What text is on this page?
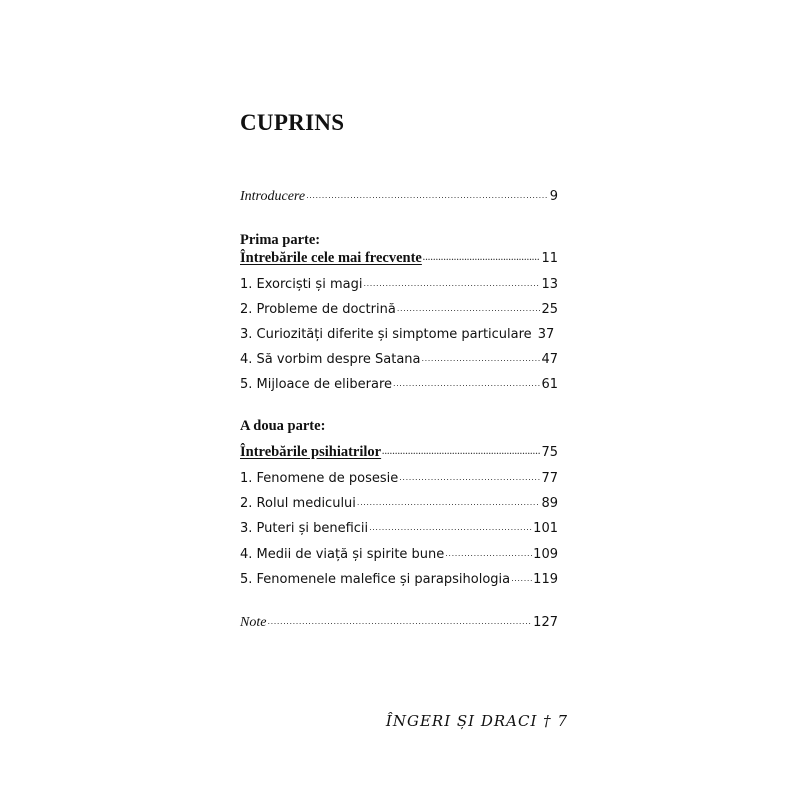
CUPRINS
Introducere .....	9
Prima parte:
Întrebările cele mai frecvente .....	11
1. Exorciști și magi .....	13
2. Probleme de doctrină .....	25
3. Curiozități diferite și simptome particulare 37
4. Să vorbim despre Satana .....	47
5. Mijloace de eliberare .....	61
A doua parte:
Întrebările psihiatrilor .....	75
1. Fenomene de posesie .....	77
2. Rolul medicului .....	89
3. Puteri și beneficii .....	101
4. Medii de viață și spirite bune .....	109
5. Fenomenele malefice și parapsihologia ..... 119
Note .....	127
ÎNGERI ȘI DRACI † 7
